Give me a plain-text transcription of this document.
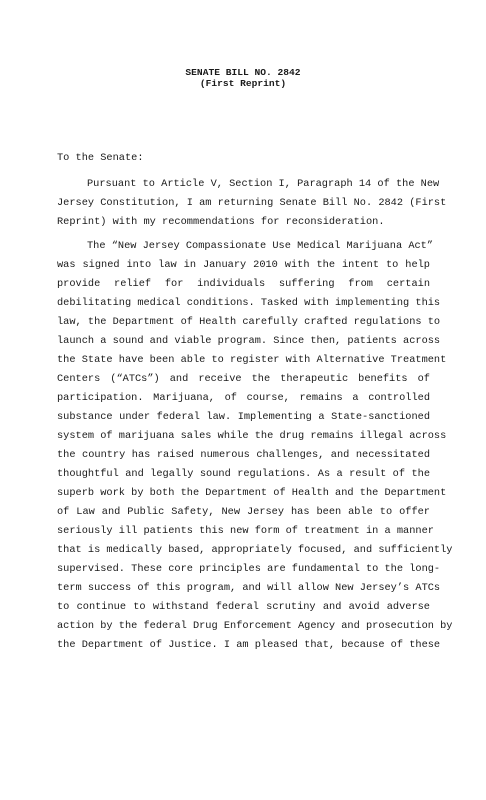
SENATE BILL NO. 2842
(First Reprint)
To the Senate:
Pursuant to Article V, Section I, Paragraph 14 of the New
Jersey Constitution, I am returning Senate Bill No. 2842 (First
Reprint) with my recommendations for reconsideration.
The “New Jersey Compassionate Use Medical Marijuana Act”
was signed into law in January 2010 with the intent to help
provide relief for individuals suffering from certain
debilitating medical conditions. Tasked with implementing this
law, the Department of Health carefully crafted regulations to
launch a sound and viable program. Since then, patients across
the State have been able to register with Alternative Treatment
Centers (“ATCs”) and receive the therapeutic benefits of
participation. Marijuana, of course, remains a controlled
substance under federal law. Implementing a State-sanctioned
system of marijuana sales while the drug remains illegal across
the country has raised numerous challenges, and necessitated
thoughtful and legally sound regulations. As a result of the
superb work by both the Department of Health and the Department
of Law and Public Safety, New Jersey has been able to offer
seriously ill patients this new form of treatment in a manner
that is medically based, appropriately focused, and sufficiently
supervised. These core principles are fundamental to the long-
term success of this program, and will allow New Jersey’s ATCs
to continue to withstand federal scrutiny and avoid adverse
action by the federal Drug Enforcement Agency and prosecution by
the Department of Justice. I am pleased that, because of these
